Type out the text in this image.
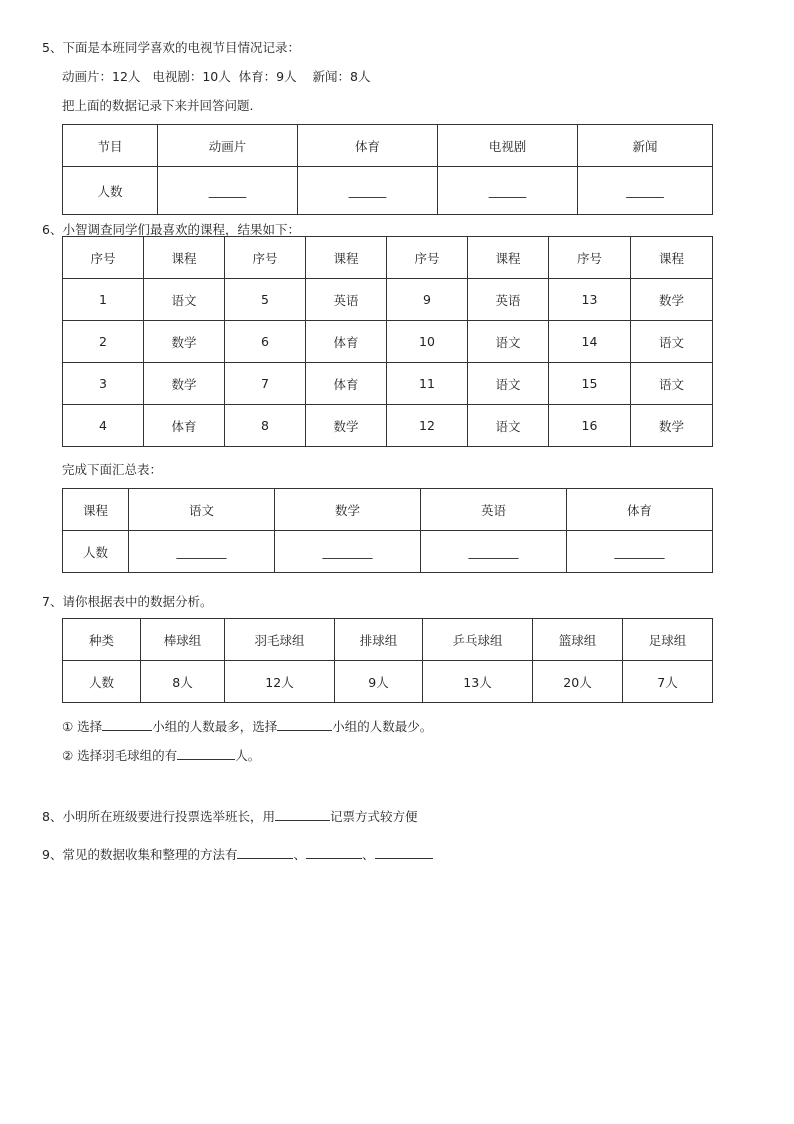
5、下面是本班同学喜欢的电视节目情况记录：
动画片：12人   电视剧：10人  体育：9人    新闻：8人
把上面的数据记录下来并回答问题.
节目	动画片	体育	电视剧	新闻
人数	______	______	______	______
6、小智调查同学们最喜欢的课程，结果如下：
序号	课程	序号	课程	序号	课程	序号	课程
1	语文	5	英语	9	英语	13	数学
2	数学	6	体育	10	语文	14	语文
3	数学	7	体育	11	语文	15	语文
4	体育	8	数学	12	语文	16	数学
完成下面汇总表：
课程	语文	数学	英语	体育
人数	________	________	________	________
7、请你根据表中的数据分析。
种类	棒球组	羽毛球组	排球组	乒乓球组	篮球组	足球组
人数	8人	12人	9人	13人	20人	7人
① 选择	小组的人数最多，选择	小组的人数最少。
② 选择羽毛球组的有	人。
8、小明所在班级要进行投票选举班长，用	记票方式较方便
9、常见的数据收集和整理的方法有	、	、
